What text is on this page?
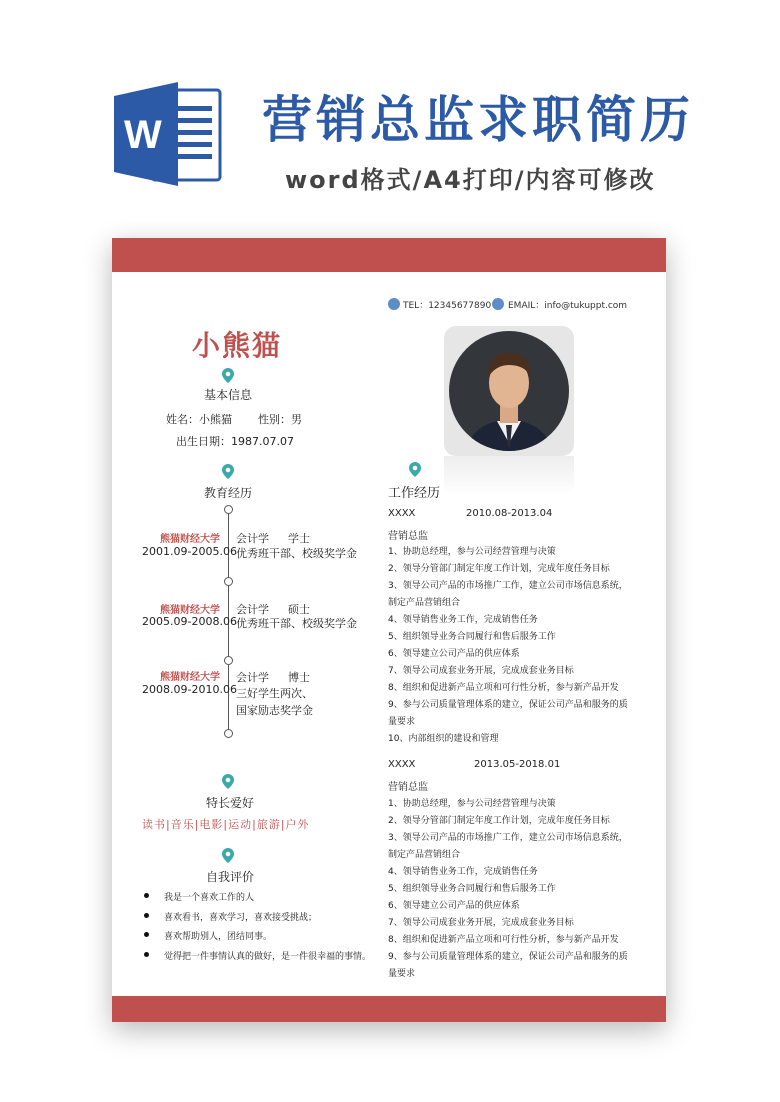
W 营销总监求职简历
word格式/A4打印/内容可修改
TEL：12345677890 EMAIL：info@tukuppt.com
小熊猫
基本信息
姓名：小熊猫 性别：男
出生日期：1987.07.07
教育经历
熊猫财经大学
2001.09-2005.06
会计学 学士
优秀班干部、校级奖学金
熊猫财经大学
2005.09-2008.06
会计学 硕士
优秀班干部、校级奖学金
熊猫财经大学
2008.09-2010.06
会计学 博士
三好学生两次、
国家励志奖学金
特长爱好
读书|音乐|电影|运动|旅游|户外
自我评价
我是一个喜欢工作的人
喜欢看书，喜欢学习，喜欢接受挑战；
喜欢帮助别人，团结同事。
觉得把一件事情认真的做好，是一件很幸福的事情。
工作经历
XXXX	2010.08-2013.04
营销总监
1、协助总经理，参与公司经营管理与决策
2、领导分管部门制定年度工作计划，完成年度任务目标
3、领导公司产品的市场推广工作，建立公司市场信息系统，
制定产品营销组合
4、领导销售业务工作，完成销售任务
5、组织领导业务合同履行和售后服务工作
6、领导建立公司产品的供应体系
7、领导公司成套业务开展，完成成套业务目标
8、组织和促进新产品立项和可行性分析，参与新产品开发
9、参与公司质量管理体系的建立，保证公司产品和服务的质
量要求
10、内部组织的建设和管理
XXXX	2013.05-2018.01
营销总监
1、协助总经理，参与公司经营管理与决策
2、领导分管部门制定年度工作计划，完成年度任务目标
3、领导公司产品的市场推广工作，建立公司市场信息系统，
制定产品营销组合
4、领导销售业务工作，完成销售任务
5、组织领导业务合同履行和售后服务工作
6、领导建立公司产品的供应体系
7、领导公司成套业务开展，完成成套业务目标
8、组织和促进新产品立项和可行性分析，参与新产品开发
9、参与公司质量管理体系的建立，保证公司产品和服务的质
量要求
